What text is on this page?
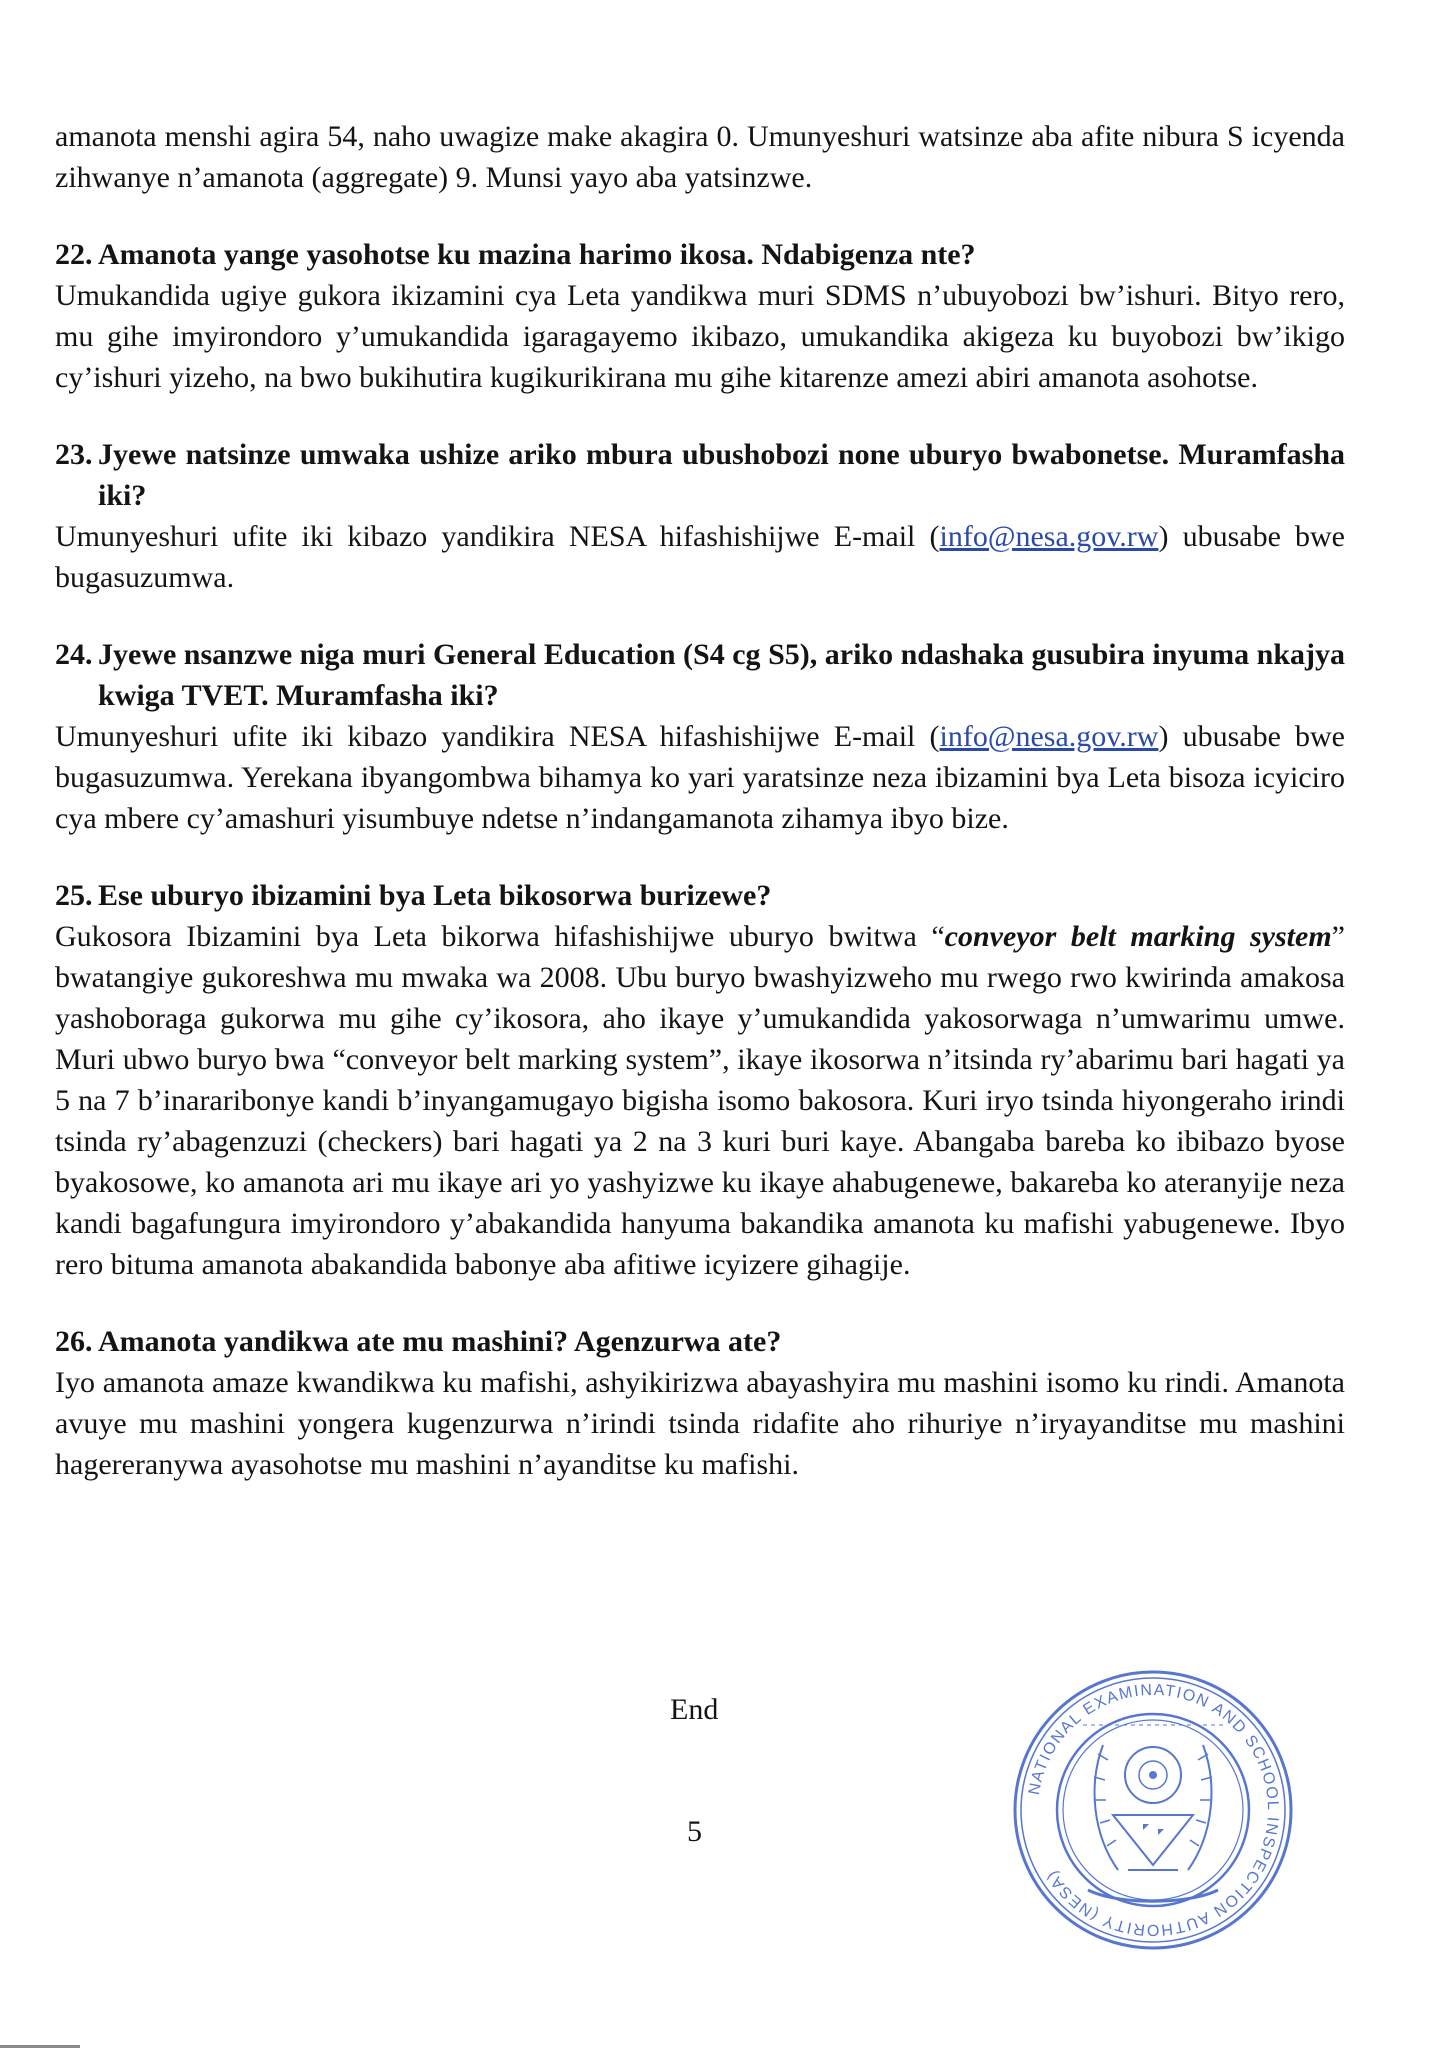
amanota menshi agira 54, naho uwagize make akagira 0. Umunyeshuri watsinze aba afite nibura S icyenda zihwanye n’amanota (aggregate) 9. Munsi yayo aba yatsinzwe.

22. Amanota yange yasohotse ku mazina harimo ikosa. Ndabigenza nte?

Umukandida ugiye gukora ikizamini cya Leta yandikwa muri SDMS n’ubuyobozi bw’ishuri. Bityo rero, mu gihe imyirondoro y’umukandida igaragayemo ikibazo, umukandika akigeza ku buyobozi bw’ikigo cy’ishuri yizeho, na bwo bukihutira kugikurikirana mu gihe kitarenze amezi abiri amanota asohotse.

23. Jyewe natsinze umwaka ushize ariko mbura ubushobozi none uburyo bwabonetse. Muramfasha iki?

Umunyeshuri ufite iki kibazo yandikira NESA hifashishijwe E-mail (info@nesa.gov.rw) ubusabe bwe bugasuzumwa.

24. Jyewe nsanzwe niga muri General Education (S4 cg S5), ariko ndashaka gusubira inyuma nkajya kwiga TVET. Muramfasha iki?

Umunyeshuri ufite iki kibazo yandikira NESA hifashishijwe E-mail (info@nesa.gov.rw) ubusabe bwe bugasuzumwa. Yerekana ibyangombwa bihamya ko yari yaratsinze neza ibizamini bya Leta bisoza icyiciro cya mbere cy’amashuri yisumbuye ndetse n’indangamanota zihamya ibyo bize.

25. Ese uburyo ibizamini bya Leta bikosorwa burizewe?

Gukosora Ibizamini bya Leta bikorwa hifashishijwe uburyo bwitwa “conveyor belt marking system” bwatangiye gukoreshwa mu mwaka wa 2008. Ubu buryo bwashyizweho mu rwego rwo kwirinda amakosa yashoboraga gukorwa mu gihe cy’ikosora, aho ikaye y’umukandida yakosorwaga n’umwarimu umwe. Muri ubwo buryo bwa “conveyor belt marking system”, ikaye ikosorwa n’itsinda ry’abarimu bari hagati ya 5 na 7 b’inararibonye kandi b’inyangamugayo bigisha isomo bakosora. Kuri iryo tsinda hiyongeraho irindi tsinda ry’abagenzuzi (checkers) bari hagati ya 2 na 3 kuri buri kaye. Abangaba bareba ko ibibazo byose byakosowe, ko amanota ari mu ikaye ari yo yashyizwe ku ikaye ahabugenewe, bakareba ko ateranyije neza kandi bagafungura imyirondoro y’abakandida hanyuma bakandika amanota ku mafishi yabugenewe. Ibyo rero bituma amanota abakandida babonye aba afitiwe icyizere gihagije.

26. Amanota yandikwa ate mu mashini? Agenzurwa ate?

Iyo amanota amaze kwandikwa ku mafishi, ashyikirizwa abayashyira mu mashini isomo ku rindi. Amanota avuye mu mashini yongera kugenzurwa n’irindi tsinda ridafite aho rihuriye n’iryayanditse mu mashini hagereranywa ayasohotse mu mashini n’ayanditse ku mafishi.

End
5
NATIONAL EXAMINATION AND SCHOOL INSPECTION AUTHORITY (NESA)
